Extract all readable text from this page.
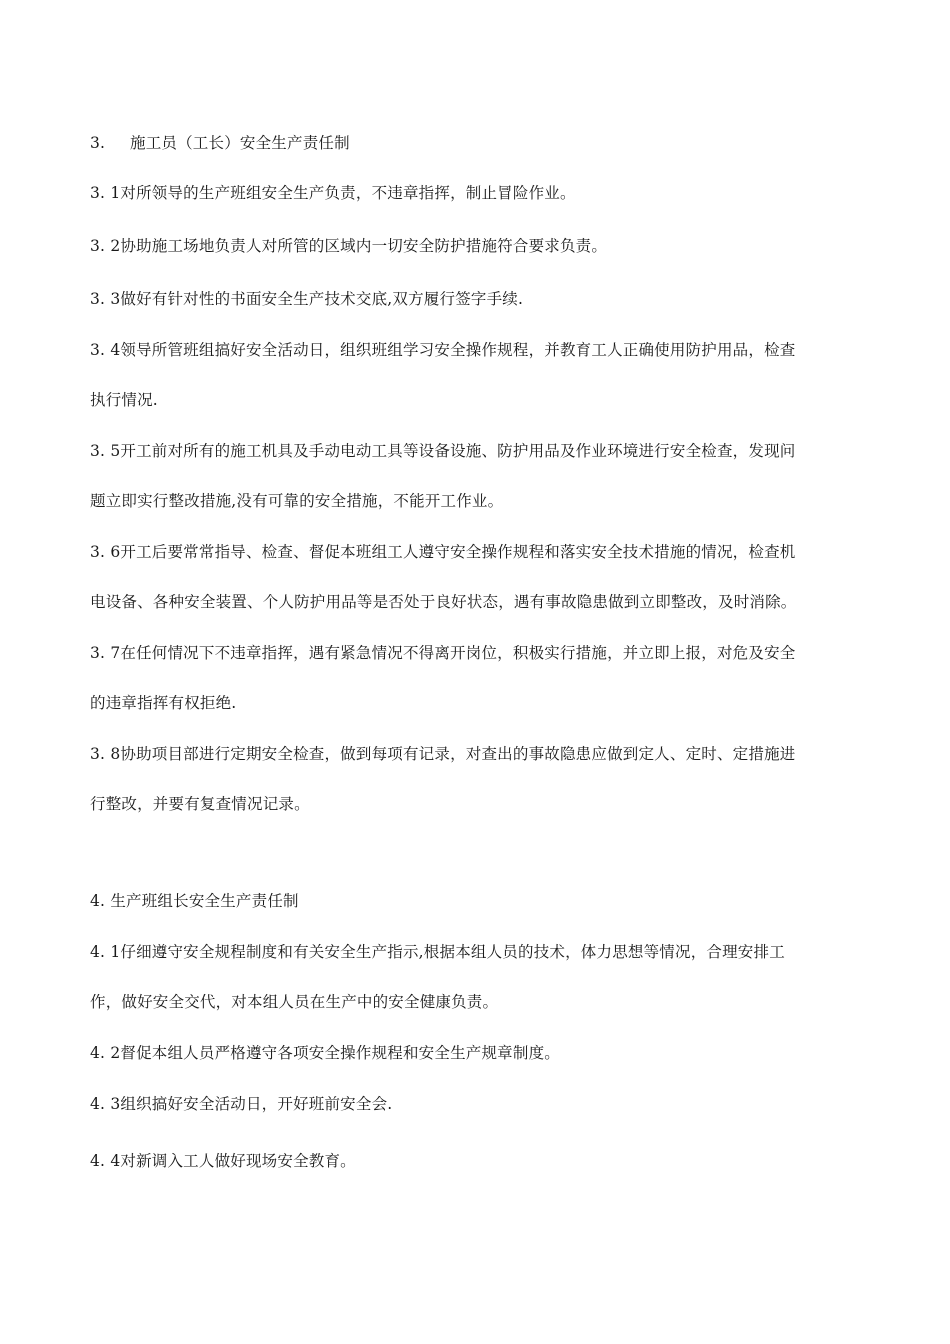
3. 施工员（工长）安全生产责任制
3. 1对所领导的生产班组安全生产负责，不违章指挥，制止冒险作业。
3. 2协助施工场地负责人对所管的区域内一切安全防护措施符合要求负责。
3. 3做好有针对性的书面安全生产技术交底,双方履行签字手续.
3. 4领导所管班组搞好安全活动日，组织班组学习安全操作规程，并教育工人正确使用防护用品，检查
执行情况.
3. 5开工前对所有的施工机具及手动电动工具等设备设施、防护用品及作业环境进行安全检查，发现问
题立即实行整改措施,没有可靠的安全措施，不能开工作业。
3. 6开工后要常常指导、检查、督促本班组工人遵守安全操作规程和落实安全技术措施的情况，检查机
电设备、各种安全装置、个人防护用品等是否处于良好状态，遇有事故隐患做到立即整改，及时消除。
3. 7在任何情况下不违章指挥，遇有紧急情况不得离开岗位，积极实行措施，并立即上报，对危及安全
的违章指挥有权拒绝.
3. 8协助项目部进行定期安全检查，做到每项有记录，对查出的事故隐患应做到定人、定时、定措施进
行整改，并要有复查情况记录。
4. 生产班组长安全生产责任制
4. 1仔细遵守安全规程制度和有关安全生产指示,根据本组人员的技术，体力思想等情况，合理安排工
作，做好安全交代，对本组人员在生产中的安全健康负责。
4. 2督促本组人员严格遵守各项安全操作规程和安全生产规章制度。
4. 3组织搞好安全活动日，开好班前安全会.
4. 4对新调入工人做好现场安全教育。
